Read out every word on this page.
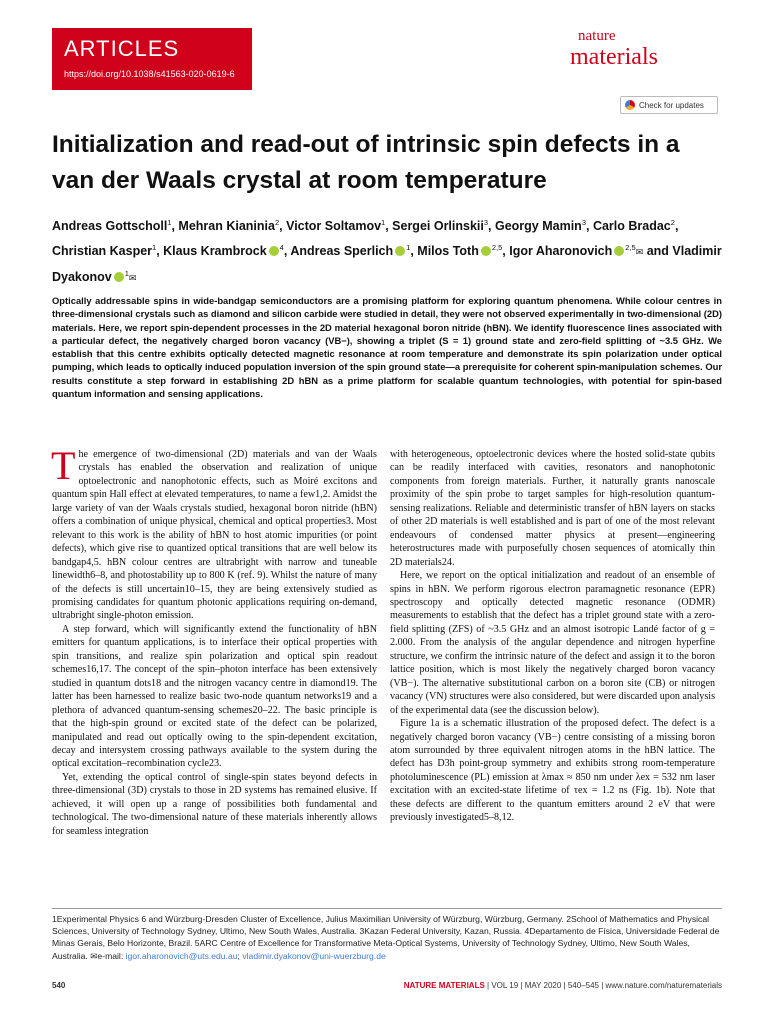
ARTICLES
https://doi.org/10.1038/s41563-020-0619-6
nature
materials
Check for updates
Initialization and read-out of intrinsic spin defects in a van der Waals crystal at room temperature
Andreas Gottscholl$^1$, Mehran Kianinia$^2$, Victor Soltamov$^1$, Sergei Orlinskii$^3$, Georgy Mamin$^3$, Carlo Bradac$^2$, Christian Kasper$^1$, Klaus Krambrock $^4$, Andreas Sperlich $^1$, Milos Toth $^{2,5}$, Igor Aharonovich $^{2,5}$✉ and Vladimir Dyakonov $^1$✉

Optically addressable spins in wide-bandgap semiconductors are a promising platform for exploring quantum phenomena. While colour centres in three-dimensional crystals such as diamond and silicon carbide were studied in detail, they were not observed experimentally in two-dimensional (2D) materials. Here, we report spin-dependent processes in the 2D material hexagonal boron nitride (hBN). We identify fluorescence lines associated with a particular defect, the negatively charged boron vacancy (VB−), showing a triplet (S = 1) ground state and zero-field splitting of ~3.5 GHz. We establish that this centre exhibits optically detected magnetic resonance at room temperature and demonstrate its spin polarization under optical pumping, which leads to optically induced population inversion of the spin ground state—a prerequisite for coherent spin-manipulation schemes. Our results constitute a step forward in establishing 2D hBN as a prime platform for scalable quantum technologies, with potential for spin-based quantum information and sensing applications.

The emergence of two-dimensional (2D) materials and van der Waals crystals has enabled the observation and realization of unique optoelectronic and nanophotonic effects, such as Moiré excitons and quantum spin Hall effect at elevated temperatures, to name a few1,2. Amidst the large variety of van der Waals crystals studied, hexagonal boron nitride (hBN) offers a combination of unique physical, chemical and optical properties3. Most relevant to this work is the ability of hBN to host atomic impurities (or point defects), which give rise to quantized optical transitions that are well below its bandgap4,5. hBN colour centres are ultrabright with narrow and tuneable linewidth6–8, and photostability up to 800 K (ref. 9). Whilst the nature of many of the defects is still uncertain10–15, they are being extensively studied as promising candidates for quantum photonic applications requiring on-demand, ultrabright single-photon emission.

A step forward, which will significantly extend the functionality of hBN emitters for quantum applications, is to interface their optical properties with spin transitions, and realize spin polarization and optical spin readout schemes16,17. The concept of the spin–photon interface has been extensively studied in quantum dots18 and the nitrogen vacancy centre in diamond19. The latter has been harnessed to realize basic two-node quantum networks19 and a plethora of advanced quantum-sensing schemes20–22. The basic principle is that the high-spin ground or excited state of the defect can be polarized, manipulated and read out optically owing to the spin-dependent excitation, decay and intersystem crossing pathways available to the system during the optical excitation–recombination cycle23.

Yet, extending the optical control of single-spin states beyond defects in three-dimensional (3D) crystals to those in 2D systems has remained elusive. If achieved, it will open up a range of possibilities both fundamental and technological. The two-dimensional nature of these materials inherently allows for seamless integration

with heterogeneous, optoelectronic devices where the hosted solid-state qubits can be readily interfaced with cavities, resonators and nanophotonic components from foreign materials. Further, it naturally grants nanoscale proximity of the spin probe to target samples for high-resolution quantum-sensing realizations. Reliable and deterministic transfer of hBN layers on stacks of other 2D materials is well established and is part of one of the most relevant endeavours of condensed matter physics at present—engineering heterostructures made with purposefully chosen sequences of atomically thin 2D materials24.

Here, we report on the optical initialization and readout of an ensemble of spins in hBN. We perform rigorous electron paramagnetic resonance (EPR) spectroscopy and optically detected magnetic resonance (ODMR) measurements to establish that the defect has a triplet ground state with a zero-field splitting (ZFS) of ~3.5 GHz and an almost isotropic Landé factor of g = 2.000. From the analysis of the angular dependence and nitrogen hyperfine structure, we confirm the intrinsic nature of the defect and assign it to the boron lattice position, which is most likely the negatively charged boron vacancy (VB−). The alternative substitutional carbon on a boron site (CB) or nitrogen vacancy (VN) structures were also considered, but were discarded upon analysis of the experimental data (see the discussion below).

Figure 1a is a schematic illustration of the proposed defect. The defect is a negatively charged boron vacancy (VB−) centre consisting of a missing boron atom surrounded by three equivalent nitrogen atoms in the hBN lattice. The defect has D3h point-group symmetry and exhibits strong room-temperature photoluminescence (PL) emission at λmax ≈ 850 nm under λex = 532 nm laser excitation with an excited-state lifetime of τex = 1.2 ns (Fig. 1b). Note that these defects are different to the quantum emitters around 2 eV that were previously investigated5–8,12.

1Experimental Physics 6 and Würzburg-Dresden Cluster of Excellence, Julius Maximilian University of Würzburg, Würzburg, Germany. 2School of Mathematics and Physical Sciences, University of Technology Sydney, Ultimo, New South Wales, Australia. 3Kazan Federal University, Kazan, Russia. 4Departamento de Física, Universidade Federal de Minas Gerais, Belo Horizonte, Brazil. 5ARC Centre of Excellence for Transformative Meta-Optical Systems, University of Technology Sydney, Ultimo, New South Wales, Australia. ✉e-mail: igor.aharonovich@uts.edu.au; vladimir.dyakonov@uni-wuerzburg.de
540	NATURE MATERIALS | VOL 19 | MAY 2020 | 540–545 | www.nature.com/naturematerials
